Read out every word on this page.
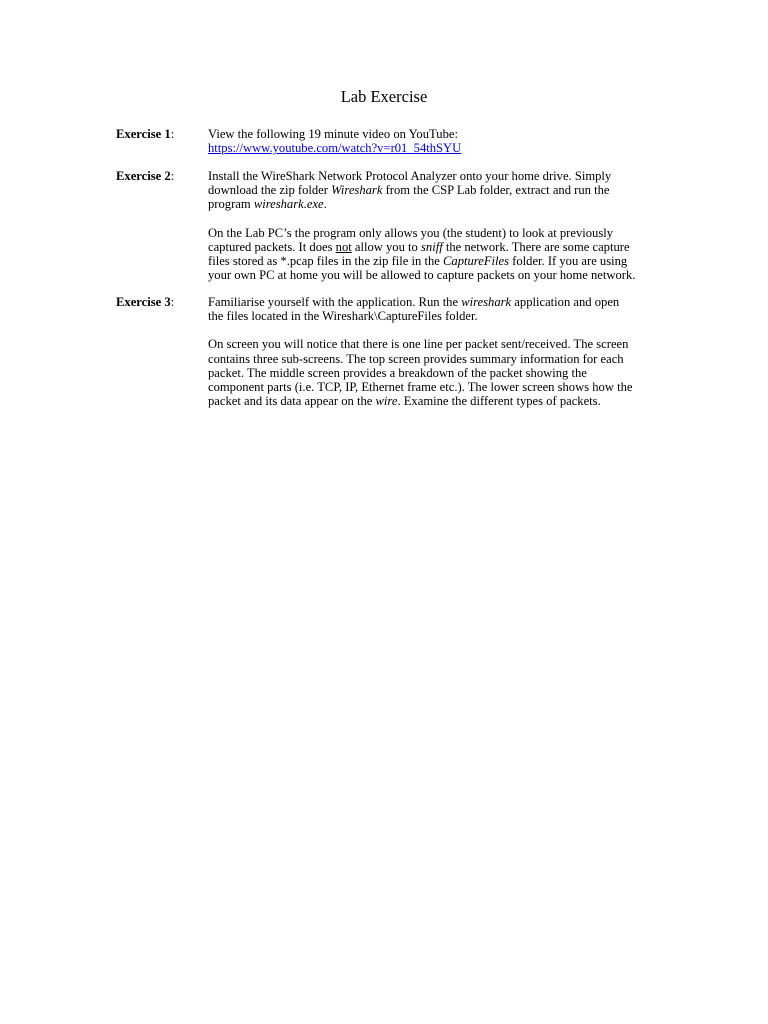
Lab Exercise
Exercise 1:	View the following 19 minute video on YouTube:
https://www.youtube.com/watch?v=r01_54thSYU
Exercise 2:	Install the WireShark Network Protocol Analyzer onto your home drive. Simply
download the zip folder Wireshark from the CSP Lab folder, extract and run the
program wireshark.exe.

On the Lab PC’s the program only allows you (the student) to look at previously
captured packets. It does not allow you to sniff the network. There are some capture
files stored as *.pcap files in the zip file in the CaptureFiles folder. If you are using
your own PC at home you will be allowed to capture packets on your home network.

Exercise 3:	Familiarise yourself with the application. Run the wireshark application and open
the files located in the Wireshark\CaptureFiles folder.

On screen you will notice that there is one line per packet sent/received. The screen
contains three sub-screens. The top screen provides summary information for each
packet. The middle screen provides a breakdown of the packet showing the
component parts (i.e. TCP, IP, Ethernet frame etc.). The lower screen shows how the
packet and its data appear on the wire. Examine the different types of packets.
